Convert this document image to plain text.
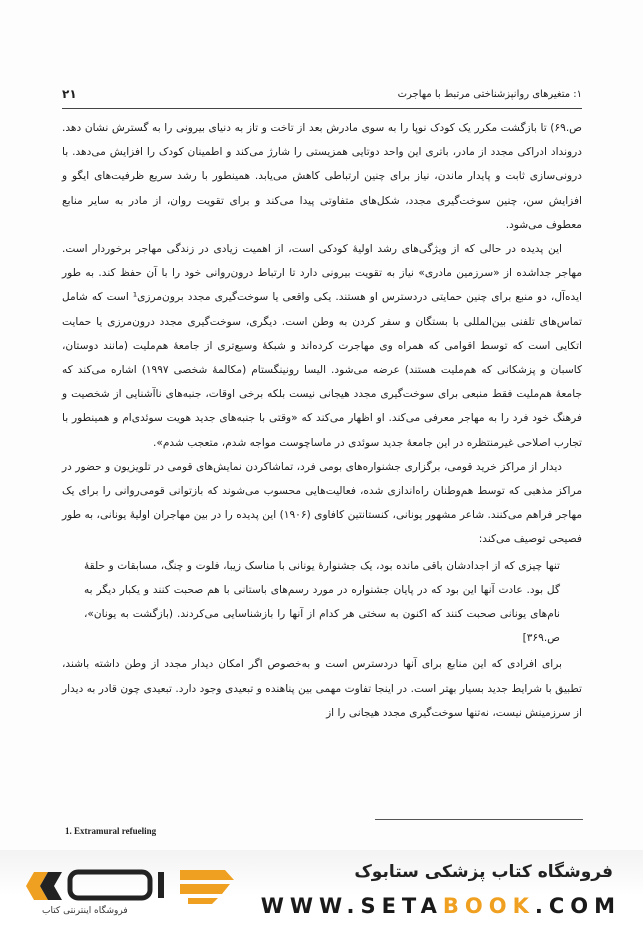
۱: متغیرهای روانپزشناختی مرتبط با مهاجرت
۲۱

ص.۶۹) تا بازگشت مکرر یک کودک نوپا را به سوی مادرش بعد از تاخت و تاز به دنیای بیرونی را به گسترش نشان دهد. درونداد ادراکی مجدد از مادر، باتری این واحد دوتایی همزیستی را شارژ می‌کند و اطمینان کودک را افزایش می‌دهد. با درونی‌سازی ثابت و پایدار ماندن، نیاز برای چنین ارتباطی کاهش می‌یابد. همینطور با رشد سریع ظرفیت‌های ایگو و افزایش سن، چنین سوخت‌گیری مجدد، شکل‌های متفاوتی پیدا می‌کند و برای تقویت روان، از مادر به سایر منابع معطوف می‌شود.

این پدیده در حالی که از ویژگی‌های رشد اولیهٔ کودکی است، از اهمیت زیادی در زندگی مهاجر برخوردار است. مهاجر جداشده از «سرزمین مادری» نیاز به تقویت بیرونی دارد تا ارتباط درون‌روانی خود را با آن حفظ کند. به طور ایده‌آل، دو منبع برای چنین حمایتی دردسترس او هستند. یکی واقعی یا سوخت‌گیری مجدد برون‌مرزی¹ است که شامل تماس‌های تلفنی بین‌المللی با بستگان و سفر کردن به وطن است. دیگری، سوخت‌گیری مجدد درون‌مرزی یا حمایت اتکایی است که توسط اقوامی که همراه وی مهاجرت کرده‌اند و شبکهٔ وسیع‌تری از جامعهٔ هم‌ملیت (مانند دوستان، کاسبان و پزشکانی که هم‌ملیت هستند) عرضه می‌شود. الیسا رونینگستام (مکالمهٔ شخصی ۱۹۹۷) اشاره می‌کند که جامعهٔ هم‌ملیت فقط منبعی برای سوخت‌گیری مجدد هیجانی نیست بلکه برخی اوقات، جنبه‌های ناآشنایی از شخصیت و فرهنگ خود فرد را به مهاجر معرفی می‌کند. او اظهار می‌کند که «وقتی با جنبه‌های جدید هویت سوئدی‌ام و همینطور با تجارب اصلاحی غیرمنتظره در این جامعهٔ جدید سوئدی در ماساچوست مواجه شدم، متعجب شدم».

دیدار از مراکز خرید قومی، برگزاری جشنواره‌های بومی فرد، تماشاکردن نمایش‌های قومی در تلویزیون و حضور در مراکز مذهبی که توسط هم‌وطنان راه‌اندازی شده، فعالیت‌هایی محسوب می‌شوند که بازتوانی قومی‌روانی را برای یک مهاجر فراهم می‌کنند. شاعر مشهور یونانی، کنستانتین کافاوی (۱۹۰۶) این پدیده را در بین مهاجران اولیهٔ یونانی، به طور فصیحی توصیف می‌کند:

تنها چیزی که از اجدادشان باقی مانده بود، یک جشنوارهٔ یونانی با مناسک زیبا، فلوت و چنگ، مسابقات و حلقهٔ گل بود. عادت آنها این بود که در پایان جشنواره در مورد رسم‌های باستانی با هم صحبت کنند و یکبار دیگر به نام‌های یونانی صحبت کنند که اکنون به سختی هر کدام از آنها را بازشناسایی می‌کردند. (بازگشت به یونان»، ص.۳۶۹]

برای افرادی که این منابع برای آنها دردسترس است و به‌خصوص اگر امکان دیدار مجدد از وطن داشته باشند، تطبیق با شرایط جدید بسیار بهتر است. در اینجا تفاوت مهمی بین پناهنده و تبعیدی وجود دارد. تبعیدی چون قادر به دیدار از سرزمینش نیست، نه‌تنها سوخت‌گیری مجدد هیجانی را از

1. Extramural refueling
فروشگاه کتاب پزشکی ستابوک
WWW.SETABOOK.COM
فروشگاه اینترنتی کتاب
